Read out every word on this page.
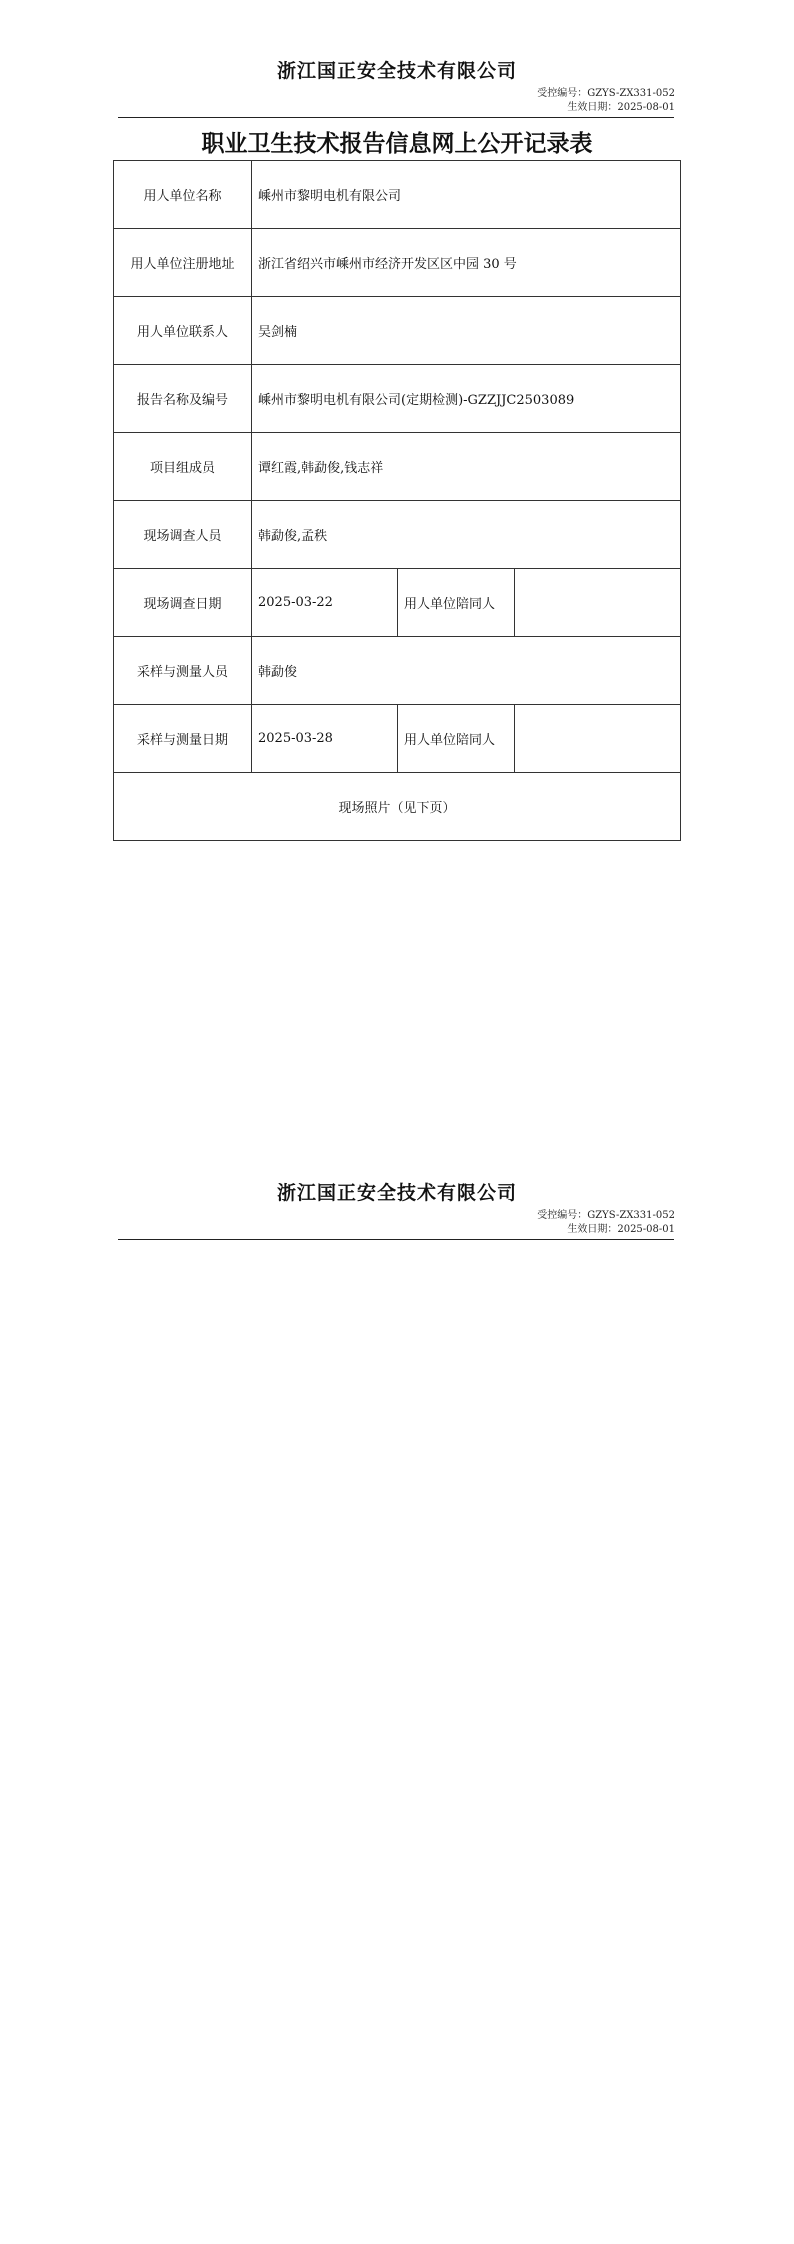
浙江国正安全技术有限公司
受控编号：GZYS-ZX331-052
生效日期：2025-08-01
职业卫生技术报告信息网上公开记录表
用人单位名称	嵊州市黎明电机有限公司		
用人单位注册地址	浙江省绍兴市嵊州市经济开发区区中园 30 号		
用人单位联系人	吴剑楠		
报告名称及编号	嵊州市黎明电机有限公司(定期检测)-GZZJJC2503089		
项目组成员	谭红霞,韩勐俊,钱志祥		
现场调查人员	韩勐俊,孟秩		
现场调查日期	2025-03-22	用人单位陪同人	
采样与测量人员	韩勐俊		
采样与测量日期	2025-03-28	用人单位陪同人	
现场照片（见下页）			
浙江国正安全技术有限公司
受控编号：GZYS-ZX331-052
生效日期：2025-08-01
